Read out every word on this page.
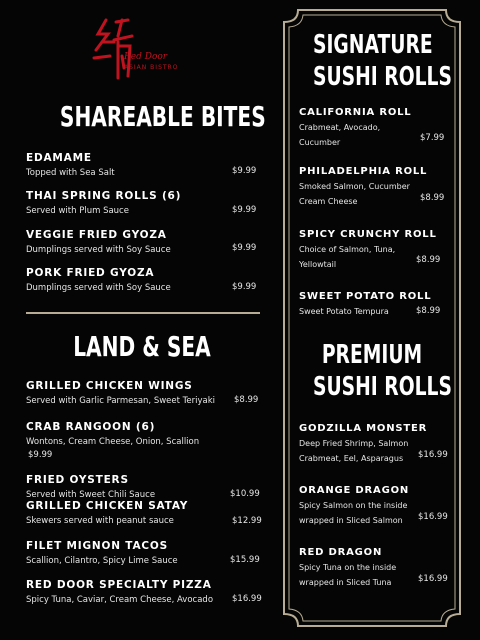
Red Door
ASIAN BISTRO
SHAREABLE BITES
EDAMAME
Topped with Sea Salt	$9.99
THAI SPRING ROLLS (6)
Served with Plum Sauce	$9.99
VEGGIE FRIED GYOZA
Dumplings served with Soy Sauce	$9.99
PORK FRIED GYOZA
Dumplings served with Soy Sauce	$9.99
LAND & SEA
GRILLED CHICKEN WINGS
Served with Garlic Parmesan, Sweet Teriyaki $8.99
CRAB RANGOON (6)
Wontons, Cream Cheese, Onion, Scallion
$9.99
FRIED OYSTERS
Served with Sweet Chili Sauce	$10.99
GRILLED CHICKEN SATAY
Skewers served with peanut sauce	$12.99
FILET MIGNON TACOS
Scallion, Cilantro, Spicy Lime Sauce	$15.99
RED DOOR SPECIALTY PIZZA
Spicy Tuna, Caviar, Cream Cheese, Avocado $16.99
SIGNATURE
SUSHI ROLLS
CALIFORNIA ROLL
Crabmeat, Avocado,
Cucumber	$7.99
PHILADELPHIA ROLL
Smoked Salmon, Cucumber
Cream Cheese	$8.99
SPICY CRUNCHY ROLL
Choice of Salmon, Tuna,
Yellowtail	$8.99
SWEET POTATO ROLL
Sweet Potato Tempura	$8.99
PREMIUM
SUSHI ROLLS
GODZILLA MONSTER
Deep Fried Shrimp, Salmon
Crabmeat, Eel, Asparagus	$16.99
ORANGE DRAGON
Spicy Salmon on the inside
wrapped in Sliced Salmon	$16.99
RED DRAGON
Spicy Tuna on the inside
wrapped in Sliced Tuna	$16.99
